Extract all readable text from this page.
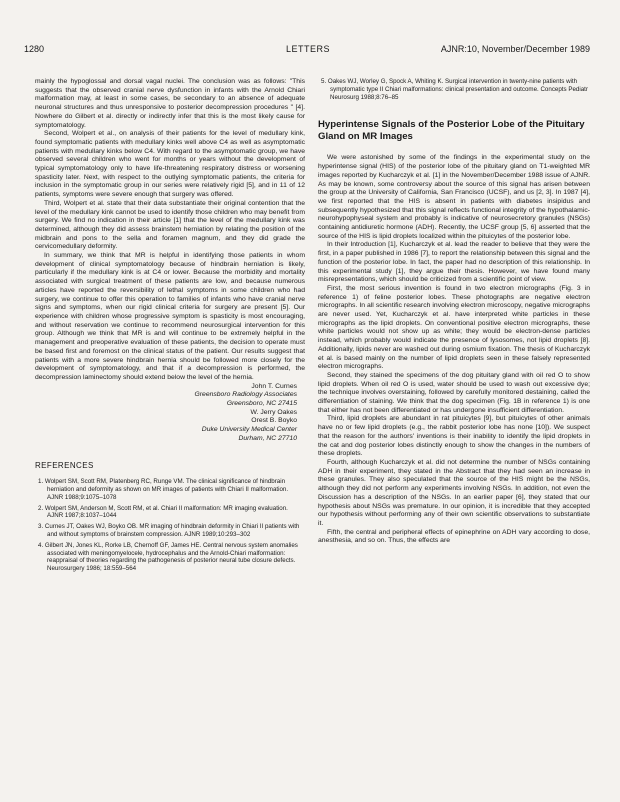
1280	LETTERS	AJNR:10, November/December 1989

mainly the hypoglossal and dorsal vagal nuclei. The conclusion was as follows: "This suggests that the observed cranial nerve dysfunction in infants with the Arnold Chiari malformation may, at least in some cases, be secondary to an absence of adequate neuronal structures and thus unresponsive to posterior decompression procedures " [4]. Nowhere do Gilbert et al. directly or indirectly infer that this is the most likely cause for symptomatology.

Second, Wolpert et al., on analysis of their patients for the level of medullary kink, found symptomatic patients with medullary kinks well above C4 as well as asymptomatic patients with medullary kinks below C4. With regard to the asymptomatic group, we have observed several children who went for months or years without the development of typical symptomatology only to have life-threatening respiratory distress or worsening spasticity later. Next, with respect to the outlying symptomatic patients, the criteria for inclusion in the symptomatic group in our series were relatively rigid [5], and in 11 of 12 patients, symptoms were severe enough that surgery was offered.

Third, Wolpert et al. state that their data substantiate their original contention that the level of the medullary kink cannot be used to identify those children who may benefit from surgery. We find no indication in their article [1] that the level of the medullary kink was determined, although they did assess brainstem herniation by relating the position of the midbrain and pons to the sella and foramen magnum, and they did grade the cervicomedullary deformity.

In summary, we think that MR is helpful in identifying those patients in whom development of clinical symptomatology because of hindbrain herniation is likely, particularly if the medullary kink is at C4 or lower. Because the morbidity and mortality associated with surgical treatment of these patients are low, and because numerous articles have reported the reversibility of lethal symptoms in some children who had surgery, we continue to offer this operation to families of infants who have cranial nerve signs and symptoms, when our rigid clinical criteria for surgery are present [5]. Our experience with children whose progressive symptom is spasticity is most encouraging, and without reservation we continue to recommend neurosurgical intervention for this group. Although we think that MR is and will continue to be extremely helpful in the management and preoperative evaluation of these patients, the decision to operate must be based first and foremost on the clinical status of the patient. Our results suggest that patients with a more severe hindbrain hernia should be followed more closely for the development of symptomatology, and that if a decompression is performed, the decompression laminectomy should extend below the level of the hernia.

John T. Curnes
Greensboro Radiology Associates
Greensboro, NC 27415
W. Jerry Oakes
Orest B. Boyko
Duke University Medical Center
Durham, NC 27710
REFERENCES
1. Wolpert SM, Scott RM, Platenberg RC, Runge VM. The clinical significance of hindbrain herniation and deformity as shown on MR images of patients with Chiari II malformation. AJNR 1988;9:1075–1078
2. Wolpert SM, Anderson M, Scott RM, et al. Chiari II malformation: MR imaging evaluation. AJNR 1987;8:1037–1044
3. Curnes JT, Oakes WJ, Boyko OB. MR imaging of hindbrain deformity in Chiari II patients with and without symptoms of brainstem compression. AJNR 1989;10:293–302
4. Gilbert JN, Jones KL, Rorke LB, Chernoff GF, James HE. Central nervous system anomalies associated with meningomyelocele, hydrocephalus and the Arnold-Chiari malformation: reappraisal of theories regarding the pathogenesis of posterior neural tube closure defects. Neurosurgery 1986; 18:559–564
5. Oakes WJ, Worley G, Spock A, Whiting K. Surgical intervention in twenty-nine patients with symptomatic type II Chiari malformations: clinical presentation and outcome. Concepts Pediatr Neurosurg 1988;8:76–85
Hyperintense Signals of the Posterior Lobe of the Pituitary Gland on MR Images

We were astonished by some of the findings in the experimental study on the hyperintense signal (HIS) of the posterior lobe of the pituitary gland on T1-weighted MR images reported by Kucharczyk et al. [1] in the November/December 1988 issue of AJNR. As may be known, some controversy about the source of this signal has arisen between the group at the University of California, San Francisco (UCSF), and us [2, 3]. In 1987 [4], we first reported that the HIS is absent in patients with diabetes insipidus and subsequently hypothesized that this signal reflects functional integrity of the hypothalamic-neurohypophyseal system and probably is indicative of neurosecretory granules (NSGs) containing antidiuretic hormone (ADH). Recently, the UCSF group [5, 6] asserted that the source of the HIS is lipid droplets localized within the pituicytes of the posterior lobe.

In their Introduction [1], Kucharczyk et al. lead the reader to believe that they were the first, in a paper published in 1986 [7], to report the relationship between this signal and the function of the posterior lobe. In fact, the paper had no description of this relationship. In this experimental study [1], they argue their thesis. However, we have found many misrepresentations, which should be criticized from a scientific point of view.

First, the most serious invention is found in two electron micrographs (Fig. 3 in reference 1) of feline posterior lobes. These photographs are negative electron micrographs. In all scientific research involving electron microscopy, negative micrographs are never used. Yet, Kucharczyk et al. have interpreted white particles in these micrographs as the lipid droplets. On conventional positive electron micrographs, these white particles would not show up as white; they would be electron-dense particles instead, which probably would indicate the presence of lysosomes, not lipid droplets [8]. Additionally, lipids never are washed out during osmium fixation. The thesis of Kucharczyk et al. is based mainly on the number of lipid droplets seen in these falsely represented electron micrographs.

Second, they stained the specimens of the dog pituitary gland with oil red O to show lipid droplets. When oil red O is used, water should be used to wash out excessive dye; the technique involves overstaining, followed by carefully monitored destaining, called the differentiation of staining. We think that the dog specimen (Fig. 1B in reference 1) is one that either has not been differentiated or has undergone insufficient differentiation.

Third, lipid droplets are abundant in rat pituicytes [9], but pituicytes of other animals have no or few lipid droplets (e.g., the rabbit posterior lobe has none [10]). We suspect that the reason for the authors' inventions is their inability to identify the lipid droplets in the cat and dog posterior lobes distinctly enough to show the changes in the numbers of these droplets.

Fourth, although Kucharczyk et al. did not determine the number of NSGs containing ADH in their experiment, they stated in the Abstract that they had seen an increase in these granules. They also speculated that the source of the HIS might be the NSGs, although they did not perform any experiments involving NSGs. In addition, not even the Discussion has a description of the NSGs. In an earlier paper [6], they stated that our hypothesis about NSGs was premature. In our opinion, it is incredible that they accepted our hypothesis without performing any of their own scientific observations to substantiate it.

Fifth, the central and peripheral effects of epinephrine on ADH vary according to dose, anesthesia, and so on. Thus, the effects are
